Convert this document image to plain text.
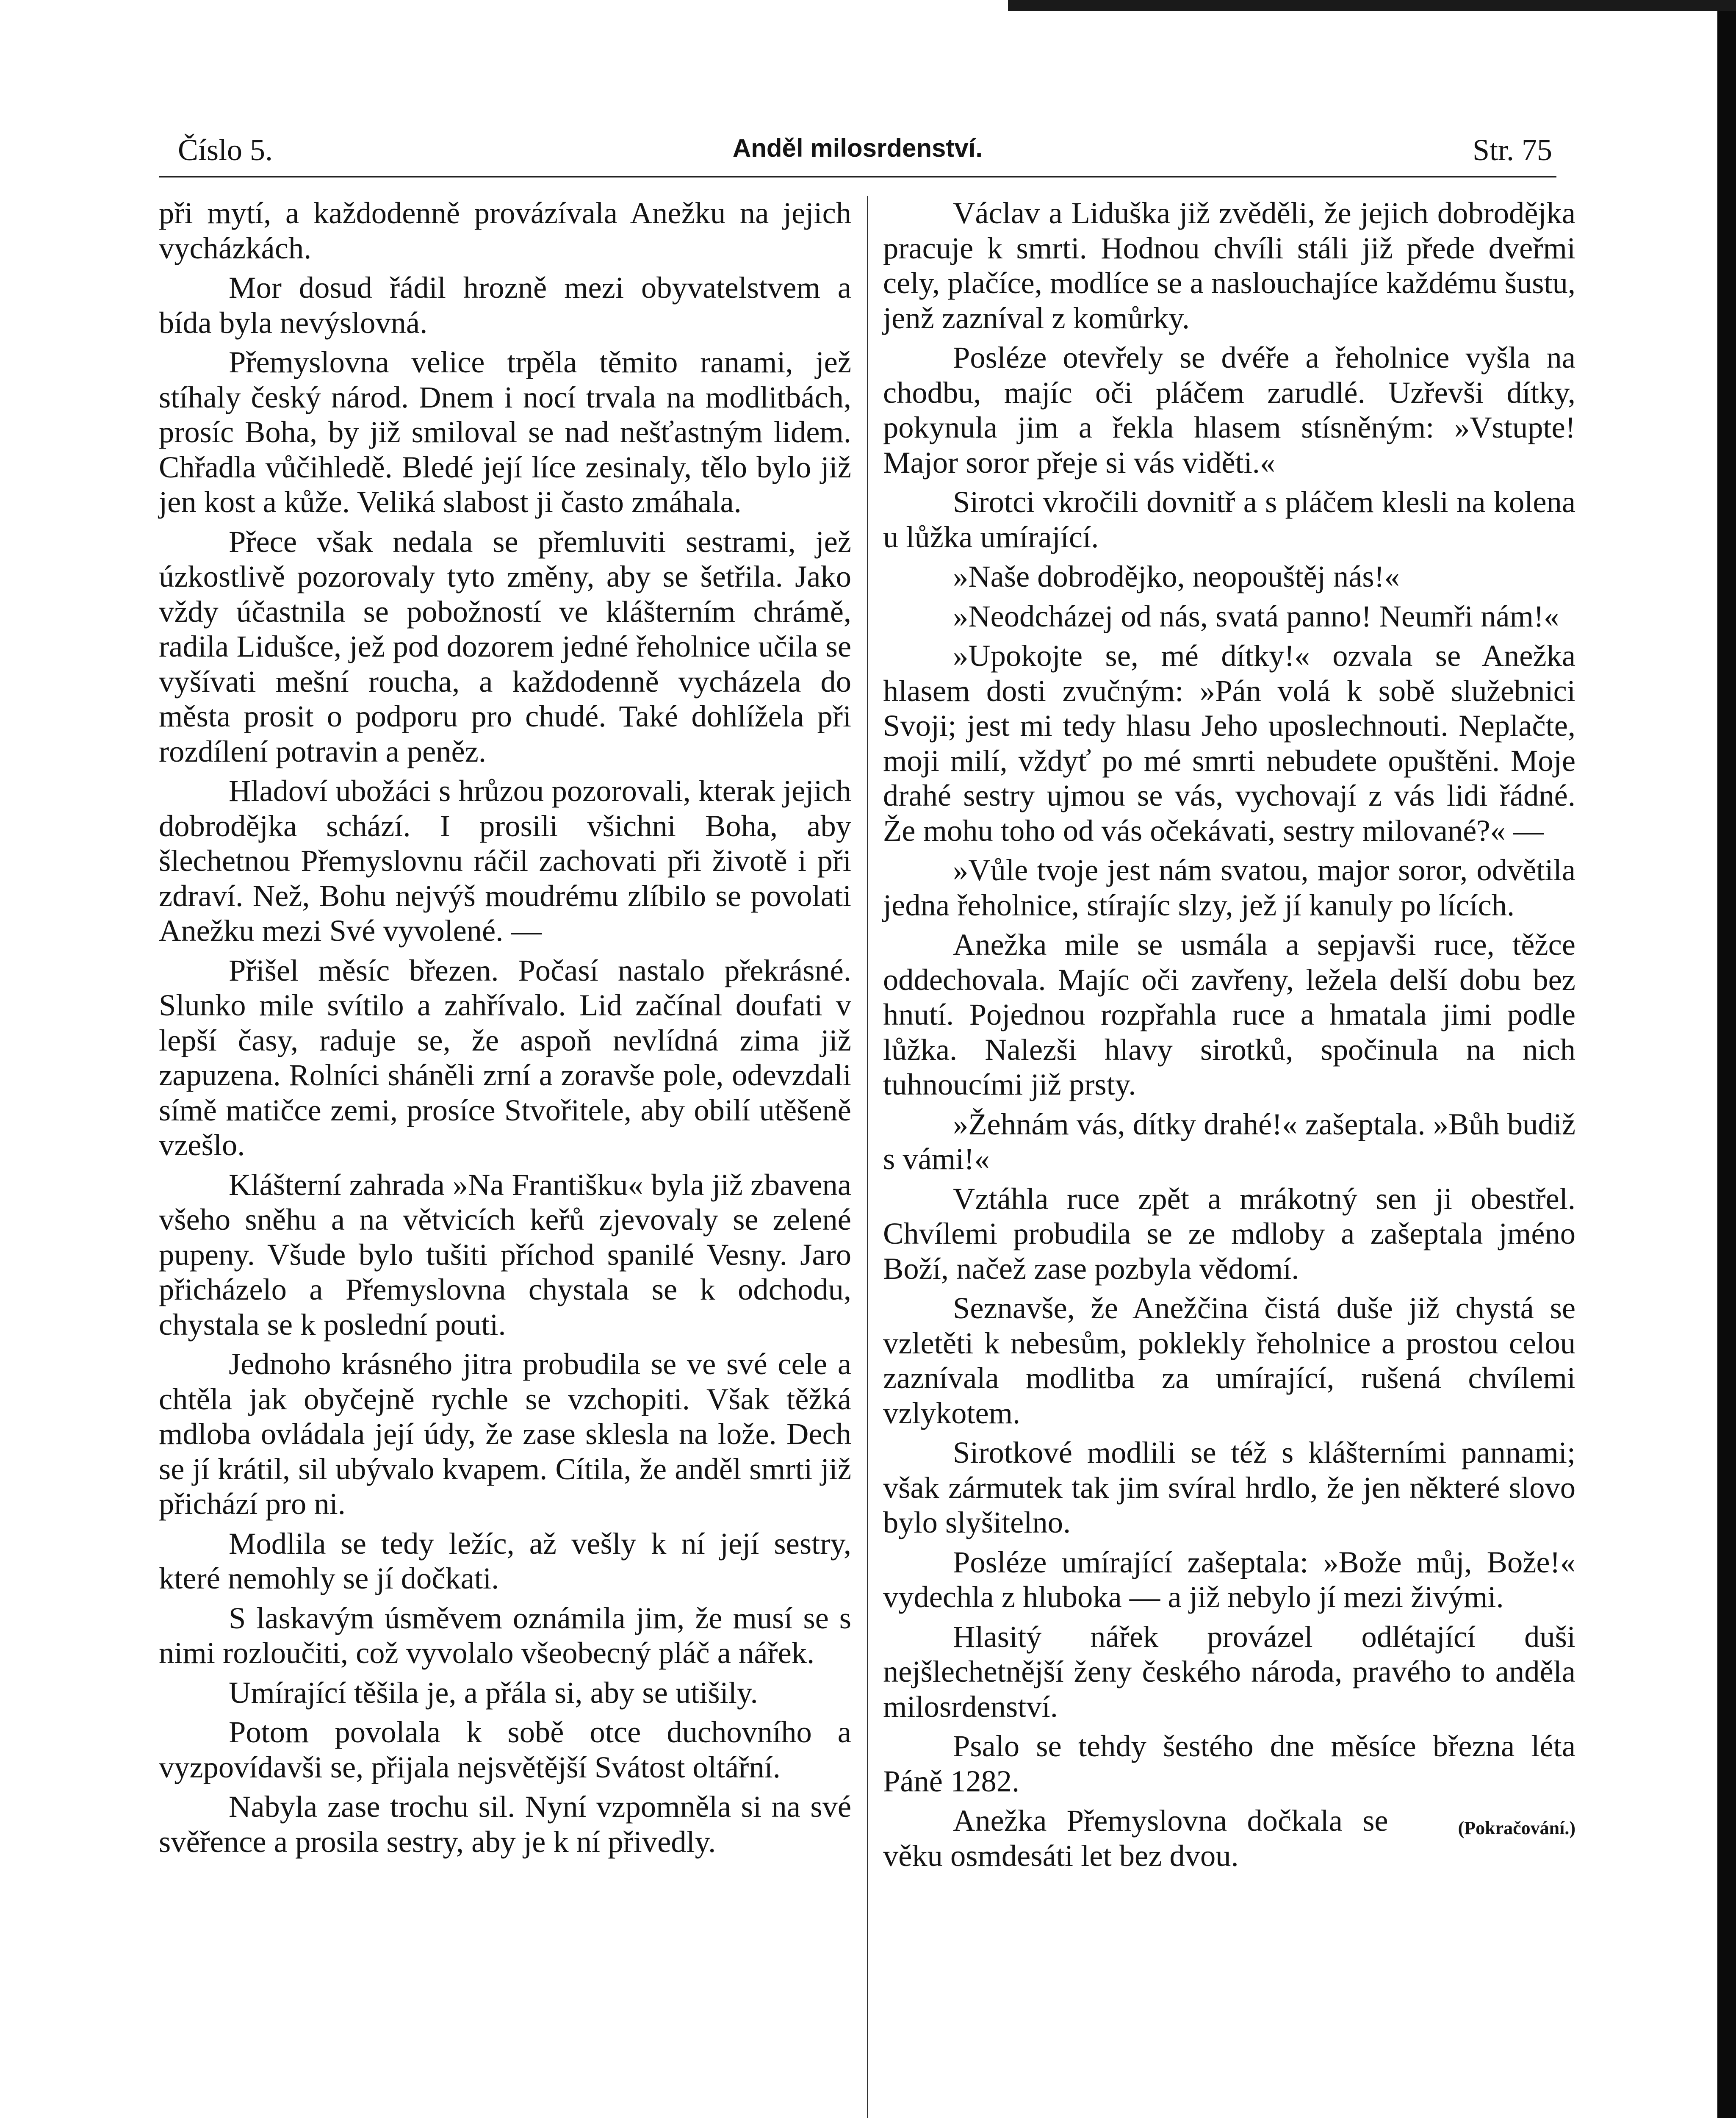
Číslo 5.	Anděl milosrdenství.	Str. 75

při mytí, a každodenně provázívala Anežku na jejich vycházkách.

Mor dosud řádil hrozně mezi obyvatelstvem a bída byla nevýslovná.

Přemyslovna velice trpěla těmito ranami, jež stíhaly český národ. Dnem i nocí trvala na modlitbách, prosíc Boha, by již smiloval se nad nešťastným lidem. Chřadla vůčihledě. Bledé její líce zesinaly, tělo bylo již jen kost a kůže. Veliká slabost ji často zmáhala.

Přece však nedala se přemluviti sestrami, jež úzkostlivě pozorovaly tyto změny, aby se šetřila. Jako vždy účastnila se pobožností ve klášterním chrámě, radila Lidušce, jež pod dozorem jedné řeholnice učila se vyšívati mešní roucha, a každodenně vycházela do města prosit o podporu pro chudé. Také dohlížela při rozdílení potravin a peněz.

Hladoví ubožáci s hrůzou pozorovali, kterak jejich dobrodějka schází. I prosili všichni Boha, aby šlechetnou Přemyslovnu ráčil zachovati při životě i při zdraví. Než, Bohu nejvýš moudrému zlíbilo se povolati Anežku mezi Své vyvolené. —

Přišel měsíc březen. Počasí nastalo překrásné. Slunko mile svítilo a zahřívalo. Lid začínal doufati v lepší časy, raduje se, že aspoň nevlídná zima již zapuzena. Rolníci sháněli zrní a zoravše pole, odevzdali símě matičce zemi, prosíce Stvořitele, aby obilí utěšeně vzešlo.

Klášterní zahrada »Na Františku« byla již zbavena všeho sněhu a na větvicích keřů zjevovaly se zelené pupeny. Všude bylo tušiti příchod spanilé Vesny. Jaro přicházelo a Přemyslovna chystala se k odchodu, chystala se k poslední pouti.

Jednoho krásného jitra probudila se ve své cele a chtěla jak obyčejně rychle se vzchopiti. Však těžká mdloba ovládala její údy, že zase sklesla na lože. Dech se jí krátil, sil ubývalo kvapem. Cítila, že anděl smrti již přichází pro ni.

Modlila se tedy ležíc, až vešly k ní její sestry, které nemohly se jí dočkati.

S laskavým úsměvem oznámila jim, že musí se s nimi rozloučiti, což vyvolalo všeobecný pláč a nářek.

Umírající těšila je, a přála si, aby se utišily.

Potom povolala k sobě otce duchovního a vyzpovídavši se, přijala nejsvětější Svátost oltářní.

Nabyla zase trochu sil. Nyní vzpomněla si na své svěřence a prosila sestry, aby je k ní přivedly.

Václav a Liduška již zvěděli, že jejich dobrodějka pracuje k smrti. Hodnou chvíli stáli již přede dveřmi cely, plačíce, modlíce se a naslouchajíce každému šustu, jenž zazníval z komůrky.

Posléze otevřely se dvéře a řeholnice vyšla na chodbu, majíc oči pláčem zarudlé. Uzřevši dítky, pokynula jim a řekla hlasem stísněným: »Vstupte! Major soror přeje si vás viděti.«

Sirotci vkročili dovnitř a s pláčem klesli na kolena u lůžka umírající.

»Naše dobrodějko, neopouštěj nás!«

»Neodcházej od nás, svatá panno! Neumři nám!«

»Upokojte se, mé dítky!« ozvala se Anežka hlasem dosti zvučným: »Pán volá k sobě služebnici Svoji; jest mi tedy hlasu Jeho uposlechnouti. Neplačte, moji milí, vždyť po mé smrti nebudete opuštěni. Moje drahé sestry ujmou se vás, vychovají z vás lidi řádné. Že mohu toho od vás očekávati, sestry milované?« —

»Vůle tvoje jest nám svatou, major soror, odvětila jedna řeholnice, stírajíc slzy, jež jí kanuly po lících.

Anežka mile se usmála a sepjavši ruce, těžce oddechovala. Majíc oči zavřeny, ležela delší dobu bez hnutí. Pojednou rozpřahla ruce a hmatala jimi podle lůžka. Nalezši hlavy sirotků, spočinula na nich tuhnoucími již prsty.

»Žehnám vás, dítky drahé!« zašeptala. »Bůh budiž s vámi!«

Vztáhla ruce zpět a mrákotný sen ji obestřel. Chvílemi probudila se ze mdloby a zašeptala jméno Boží, načež zase pozbyla vědomí.

Seznavše, že Anežčina čistá duše již chystá se vzletěti k nebesům, poklekly řeholnice a prostou celou zaznívala modlitba za umírající, rušená chvílemi vzlykotem.

Sirotkové modlili se též s klášterními pannami; však zármutek tak jim svíral hrdlo, že jen některé slovo bylo slyšitelno.

Posléze umírající zašeptala: »Bože můj, Bože!« vydechla z hluboka — a již nebylo jí mezi živými.

Hlasitý nářek provázel odlétající duši nejšlechetnější ženy českého národa, pravého to anděla milosrdenství.

Psalo se tehdy šestého dne měsíce března léta Páně 1282.

(Pokračování.)
Anežka Přemyslovna dočkala se věku osmdesáti let bez dvou.
